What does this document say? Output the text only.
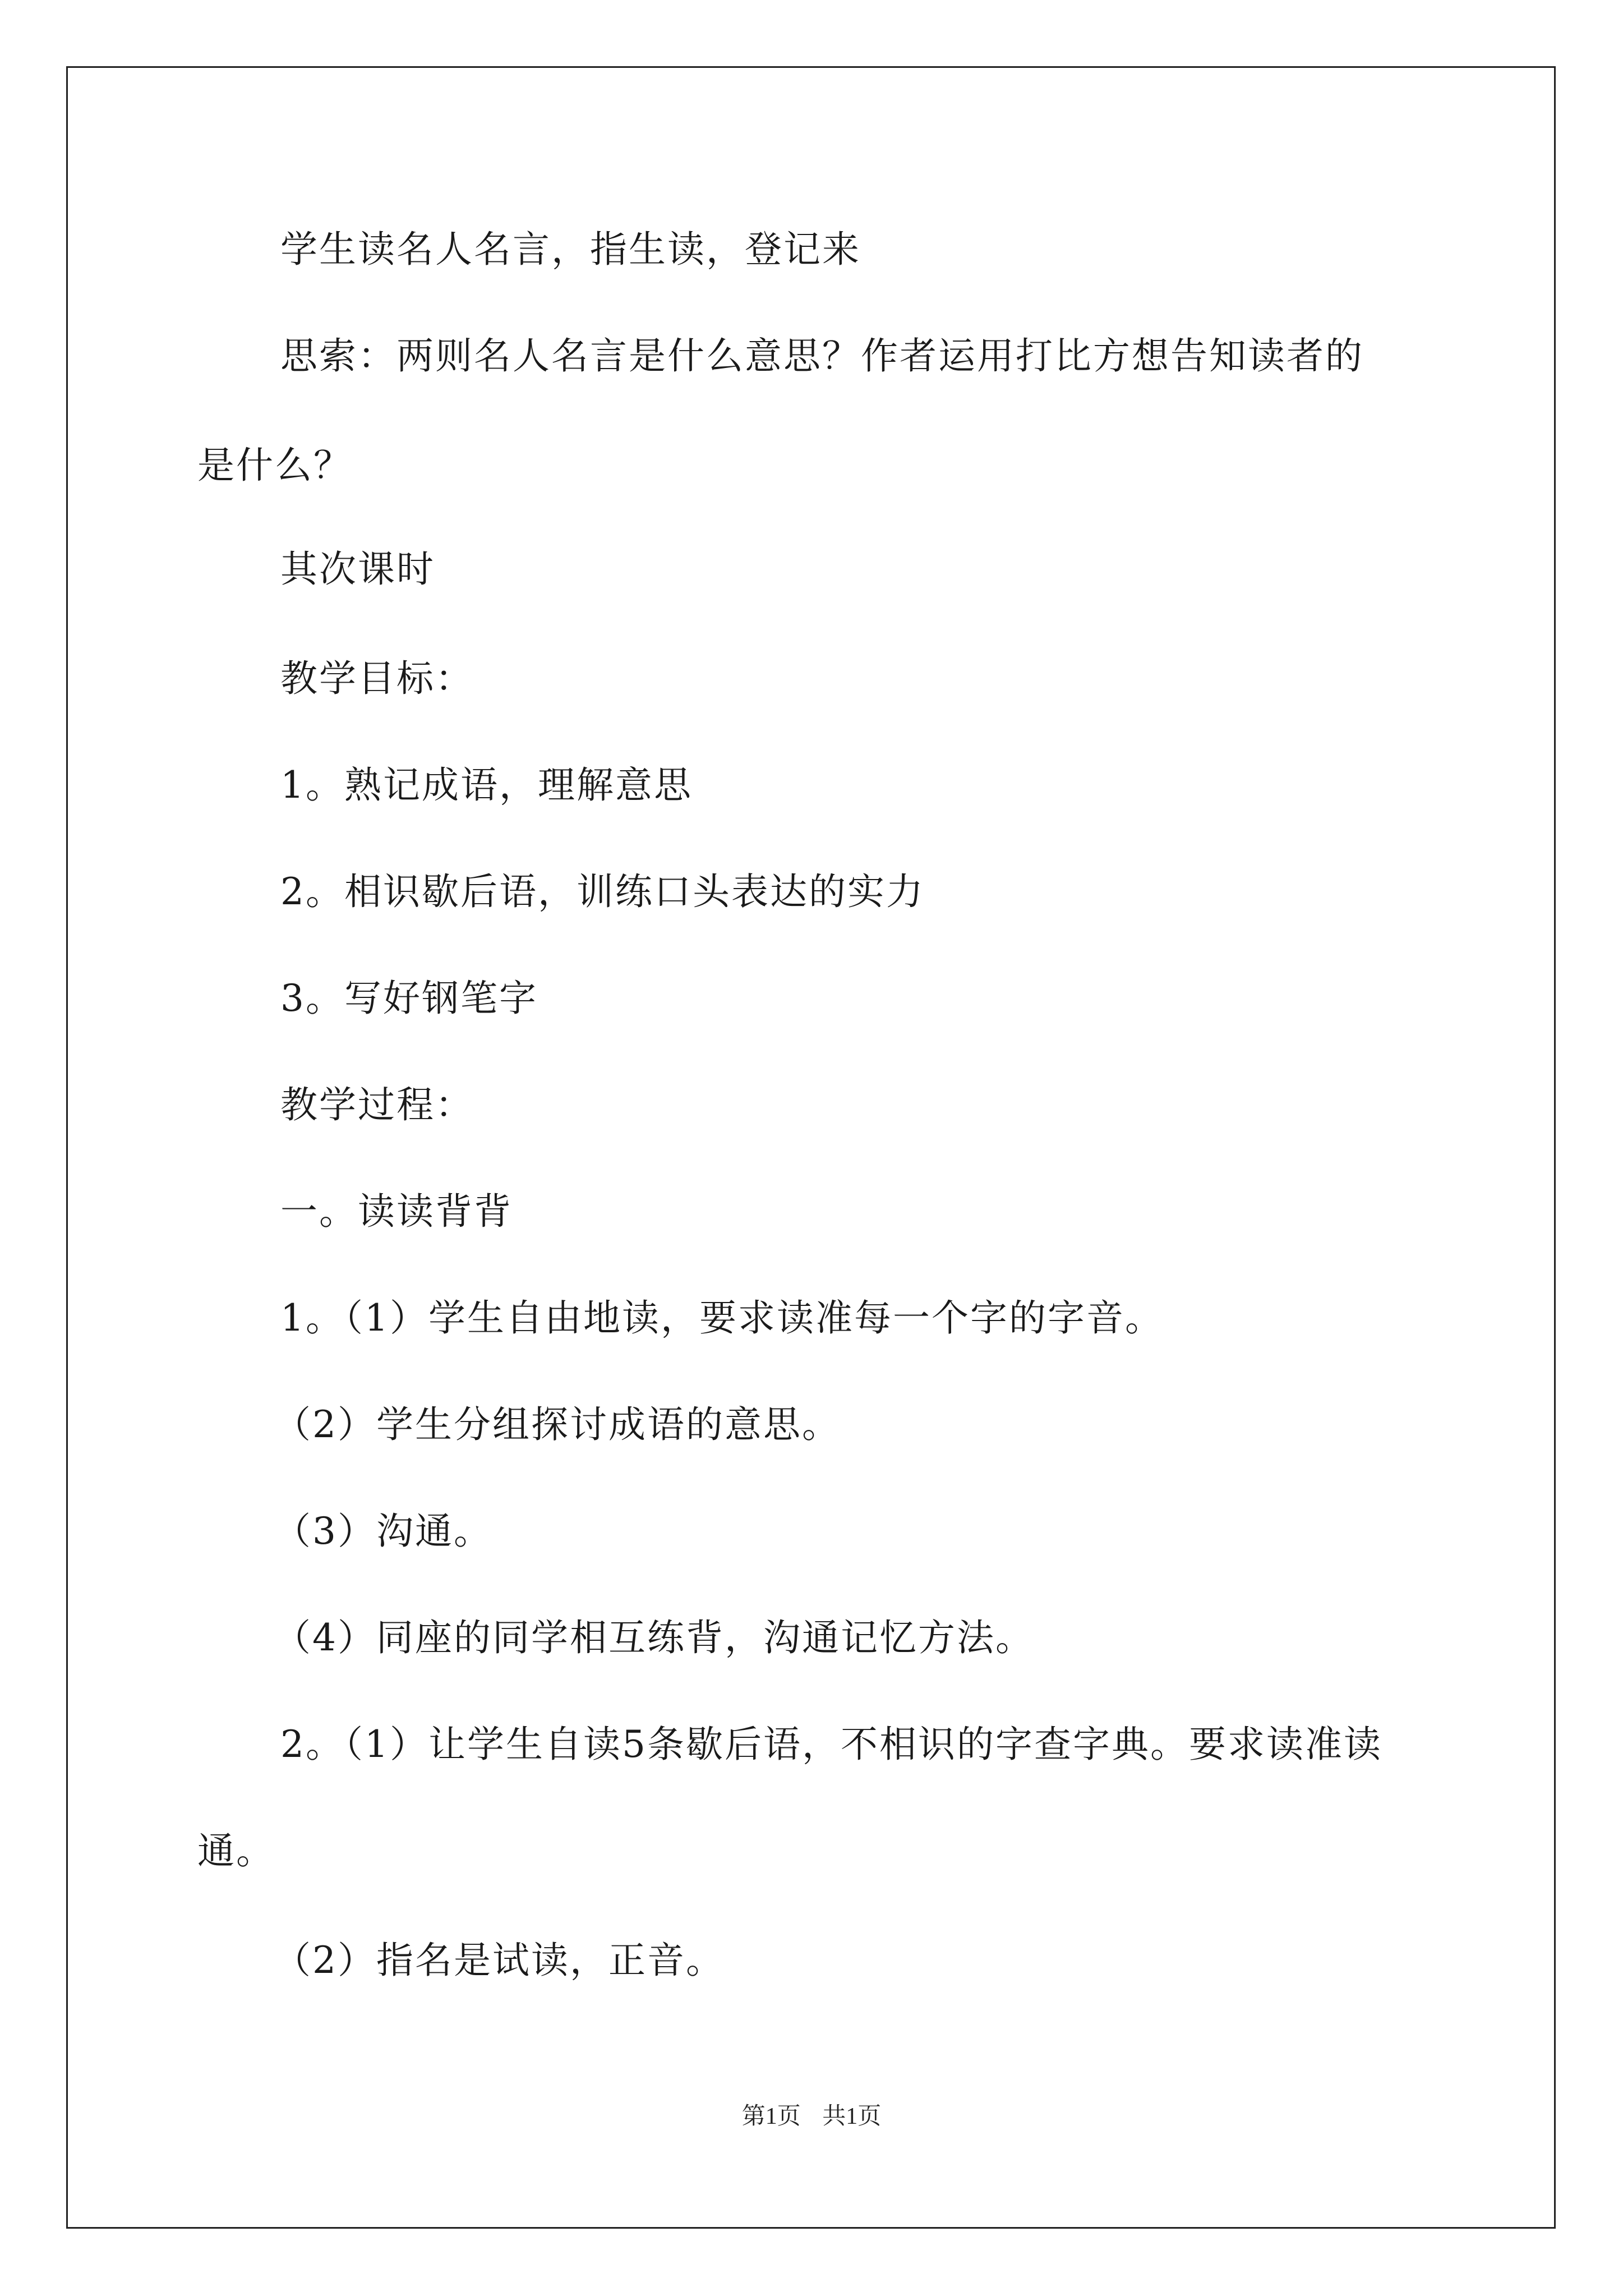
学生读名人名言，指生读，登记来
思索：两则名人名言是什么意思？作者运用打比方想告知读者的
是什么？
其次课时
教学目标：
1。熟记成语，理解意思
2。相识歇后语，训练口头表达的实力
3。写好钢笔字
教学过程：
一。读读背背
1。（1）学生自由地读，要求读准每一个字的字音。
（2）学生分组探讨成语的意思。
（3）沟通。
（4）同座的同学相互练背，沟通记忆方法。
2。（1）让学生自读5条歇后语，不相识的字查字典。要求读准读
通。
（2）指名是试读，正音。
第1页 共1页
